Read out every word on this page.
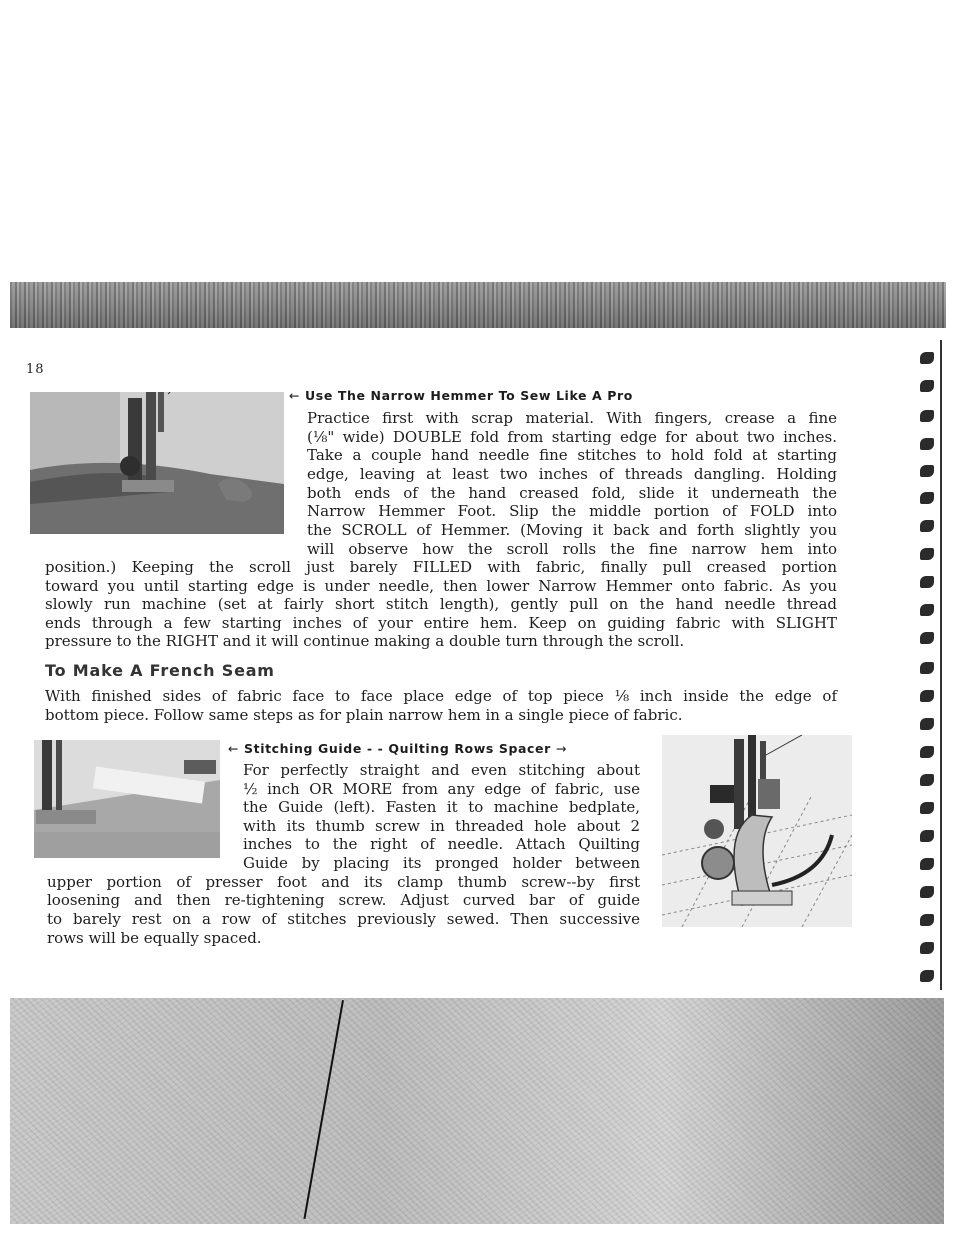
18
← Use The Narrow Hemmer To Sew Like A Pro
Practice first with scrap material. With fingers, crease a fine
(⅛" wide) DOUBLE fold from starting edge for about two inches.
Take a couple hand needle fine stitches to hold fold at starting
edge, leaving at least two inches of threads dangling. Holding
both ends of the hand creased fold, slide it underneath the
Narrow Hemmer Foot. Slip the middle portion of FOLD into
the SCROLL of Hemmer. (Moving it back and forth slightly you
will observe how the scroll rolls the fine narrow hem into
position.) Keeping the scroll just barely FILLED with fabric, finally pull creased portion
toward you until starting edge is under needle, then lower Narrow Hemmer onto fabric. As you
slowly run machine (set at fairly short stitch length), gently pull on the hand needle thread
ends through a few starting inches of your entire hem. Keep on guiding fabric with SLIGHT
pressure to the RIGHT and it will continue making a double turn through the scroll.
To Make A French Seam
With finished sides of fabric face to face place edge of top piece ⅛ inch inside the edge of
bottom piece. Follow same steps as for plain narrow hem in a single piece of fabric.
← Stitching Guide - - Quilting Rows Spacer →
For perfectly straight and even stitching about
½ inch OR MORE from any edge of fabric, use
the Guide (left). Fasten it to machine bedplate,
with its thumb screw in threaded hole about 2
inches to the right of needle. Attach Quilting
Guide by placing its pronged holder between
upper portion of presser foot and its clamp thumb screw--by first
loosening and then re-tightening screw. Adjust curved bar of guide
to barely rest on a row of stitches previously sewed. Then successive
rows will be equally spaced.
